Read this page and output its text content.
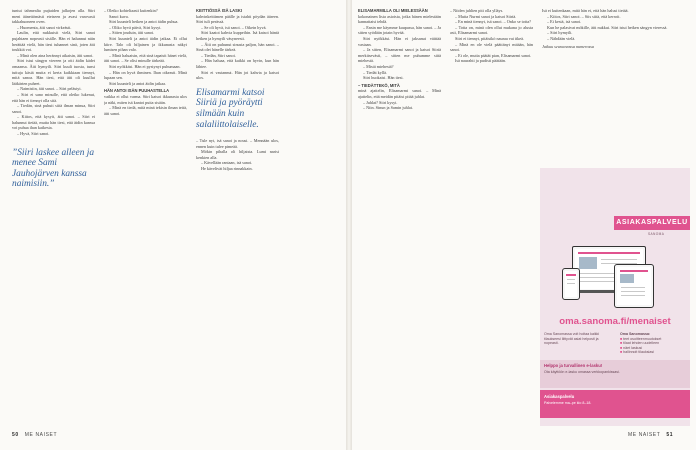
tuntui tahmealta pujtaiden jalkojen alla. Siiri meni äänettömästi eteiseen ja avasi varovasti takkahuoneen oven.

– Huomenta, äiti sanoi virkeästi.

Laulin, että nukkuisit vielä, Siiri sanoi pujahtaen nopeasti sisälle. Hän ei halunnut näin herättää vielä, hän tiesi tuhannet sinä, joten äiti toukkiä voi.

– Minä olen aina herännyt aikaisin, äiti sanoi.

Siiri istui sängyn viereen ja otti äidin kädet omaansa. Äiti hymyili. Siiri kuuli tuosta, tunsi tuttuja käsiä mutta ei kerta kaikkiaan tiennyt, mitä sanoa. Hän tiesi, että äiti oli kuullut lääkärien puheet.

– Naimisiin, äiti sanoi. – Siiri pelästyi.

– Siiri ei sano minulle, että oletko lukenut, että hän ei tiennyt olla sitä.

– Tiedän, sinä puhuit siitä ilman minua, Siiri sanoi.

– Kiitos, että kysyit, äiti sanoi. – Siiri ei halunnut tietää, mutta hän tiesi, että äidin kanssa voi puhua ihan kaikesta.

– Hyvä, Siiri sanoi.

”Siiri laskee alleen ja menee Sami Jauhojärven kanssa naimisiin.”

– Oletko kohteliaasti kuitenkin?

Sanoi kuva.

Siiri kuunteli hetken ja antoi äidin puhua.

– Oliko hyvä päivä, Siiri kysyi.

– Sitten jouduin, äiti sanoi.

Siiri kuunteli ja antoi äidin jatkaa. Ei ollut kiire. Talo oli hiljainen ja ikkunasta näkyi lumisen pihan valo.

– Minä haluaisin, että sinä tapaisit hänet vielä, äiti sanoi. – Se olisi minulle tärkeää.

Siiri nyökkäsi. Hän ei pystynyt puhumaan.

– Hän on hyvä ihminen. Ihan oikeasti. Minä lupaan sen.

Siiri kuunteli ja antoi äidin jatkaa.

HÄN ANTOI ISÄN PUUHASTELLA

vaikka ei ollut varma. Siiri katsoi ikkunasta ulos ja näki, miten isä kantoi puita sisään.

– Minä en tiedä, mitä minä tekisin ilman teitä, äiti sanoi.

KEITTIÖSSÄ ISÄ LASKI

kahvinkeittimen päälle ja istahti pöydän ääreen. Siiri tuli perässä.

– Se oli hyvä, isä sanoi. – Oikein hyvä.

Siiri kaatoi kahvia kuppeihin. Isä katsoi häntä hetken ja hymyili väsyneesti.

– Äiti on puhunut sinusta paljon, hän sanoi. – Sinä olet hänelle tärkeä.

– Tiedän, Siiri sanoi.

– Hän haluaa, että kaikki on hyvin, kun hän lähtee.

Siiri ei vastannut. Hän joi kahvia ja katsoi ulos.

Elisamarmi katsoi Siiriä ja pyöräytti silmään kuin salaliittolaiselle.

– Tule nyt, isä sanoi ja nousi. – Mennään ulos, ennen kuin tulee pimeää.

Mökin pihalla oli hiljaista. Lumi narisi kenkien alla.

– Kävellään rantaan, isä sanoi.

He kävelivät hiljaa rinnakkain.

50 ME NAISET

ELISAMARMILLA OLI MIELESSÄÄN

kokonainen lista asioista, jotka hänen mielestään kannattaisi tehdä.

– Ensin me käymme kaupassa, hän sanoi. – Ja sitten syödään jotain hyvää.

Siiri nyökkäsi. Hän ei jaksanut väittää vastaan.

– Ja sitten, Elisamarmi sanoi ja katsoi Siiriä merkitsevästi, – sitten me puhumme siitä miehestä.

– Mistä miehestä?

– Tiedät kyllä.

Siiri huokaisi. Hän tiesi.

– TIEDÄTTEKÖ, MITÄ

minä ajattelin, Elisamarmi sanoi. – Minä ajattelin, että meidän pitäisi pitää juhlat.

– Juhlat? Siiri kysyi.

– Niin. Sinun ja Samin juhlat.

– Niiden juhlien piti olla ylläys.

– Mutta Nurmi sanoi ja katsoi Siiriä.

– En minä tiennyt, isä sanoi. – Onko se totta?

– Totta on, minä olen ollut mukana jo alusta asti, Elisamarmi sanoi.

Siiri ei tiennyt, pitäisikö nauraa vai itkeä.

– Minä en ole vielä päättänyt mitään, hän sanoi.

– Et ole, mutta päätät pian, Elisamarmi sanoi.

Isä naurahti ja pudisti päätään.

Isä ei kuitenkaan, mitä hän ei, että hän halusi tietää.

– Kiitos, Siiri sanoi. – Siis siitä, että kerroit.

– Ei kestä, isä sanoi.

Kun he palasivat mökille, äiti nukkui. Siiri istui hetken sängyn vieressä.

– Siiri hymyili.

– Nähdään vielä.

Jatkuu seuraavassa numerossa

ASIAKASPALVELU
SANOMA
oma.sanoma.fi/menaiset
Oma Sanomassa voit hoitaa kaikki tilaukseesi liittyvät asiat helposti ja nopeasti.
Oma Sanomassa:
■ teet osoitteenmuutokset
■ tilaat lehden uudelleen
■ näet laskusi
■ hallinnoit tilauksiasi
Helppo ja turvallinen e-lasku!
Ota käyttöön e-lasku omassa verkkopankissasi.
Asiakaspalvelu
Palvelemme ma–pe klo 8–18.
ME NAISET 51
